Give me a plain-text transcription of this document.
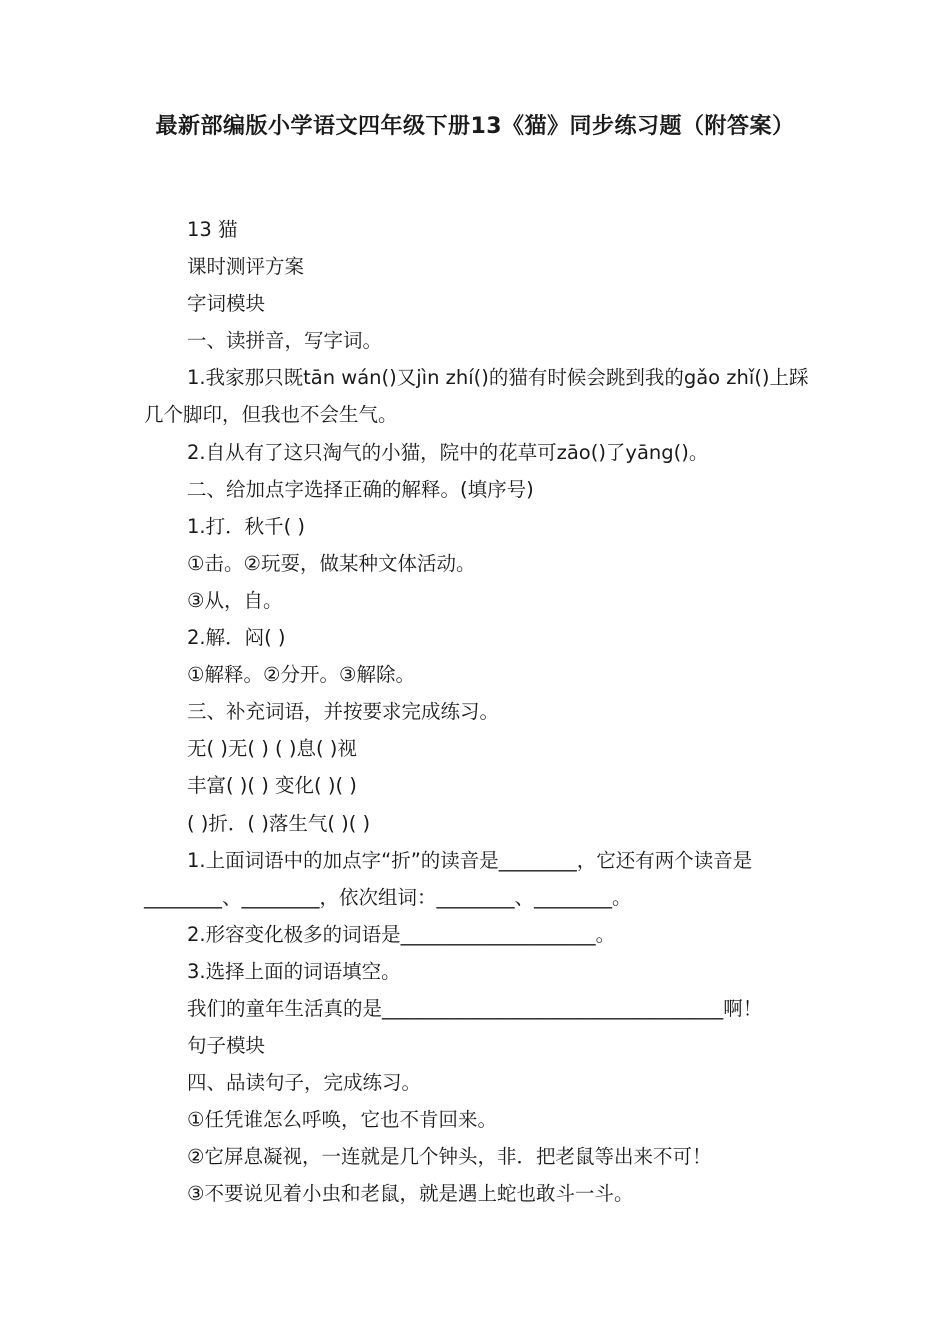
最新部编版小学语文四年级下册13《猫》同步练习题（附答案）

13 猫

课时测评方案

字词模块

一、读拼音，写字词。

1.我家那只既tān wán()又jìn zhí()的猫有时候会跳到我的gǎo zhǐ()上踩几个脚印，但我也不会生气。

2.自从有了这只淘气的小猫，院中的花草可zāo()了yāng()。

二、给加点字选择正确的解释。(填序号)

1.打．秋千( )

①击。②玩耍，做某种文体活动。

③从，自。

2.解．闷( )

①解释。②分开。③解除。

三、补充词语，并按要求完成练习。

无( )无( ) ( )息( )视

丰富( )( ) 变化( )( )

( )折．( )落生气( )( )

1.上面词语中的加点字“折”的读音是________，它还有两个读音是________、________，依次组词：________、________。

2.形容变化极多的词语是____________________。

3.选择上面的词语填空。

我们的童年生活真的是___________________________________啊！

句子模块

四、品读句子，完成练习。

①任凭谁怎么呼唤，它也不肯回来。

②它屏息凝视，一连就是几个钟头，非．把老鼠等出来不可！

③不要说见着小虫和老鼠，就是遇上蛇也敢斗一斗。
